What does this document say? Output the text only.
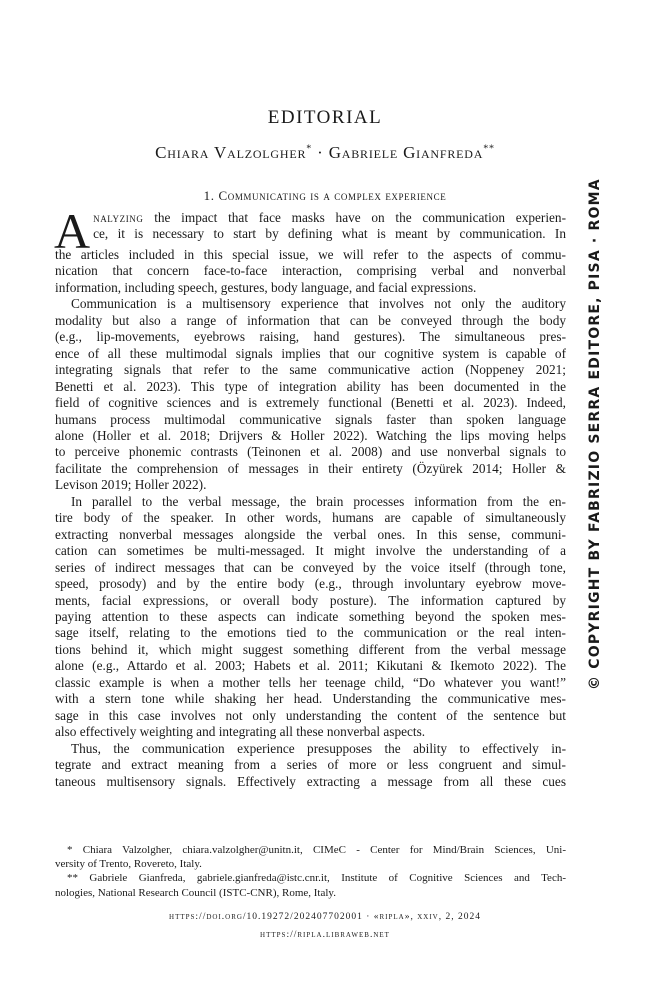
EDITORIAL
Chiara Valzolgher* · Gabriele Gianfreda**
1. Communicating is a complex experience
A nalyzing the impact that face masks have on the communication experien-
ce, it is necessary to start by defining what is meant by communication. In
the articles included in this special issue, we will refer to the aspects of commu-
nication that concern face-to-face interaction, comprising verbal and nonverbal
information, including speech, gestures, body language, and facial expressions.
Communication is a multisensory experience that involves not only the auditory
modality but also a range of information that can be conveyed through the body
(e.g., lip-movements, eyebrows raising, hand gestures). The simultaneous pres-
ence of all these multimodal signals implies that our cognitive system is capable of
integrating signals that refer to the same communicative action (Noppeney 2021;
Benetti et al. 2023). This type of integration ability has been documented in the
field of cognitive sciences and is extremely functional (Benetti et al. 2023). Indeed,
humans process multimodal communicative signals faster than spoken language
alone (Holler et al. 2018; Drijvers & Holler 2022). Watching the lips moving helps
to perceive phonemic contrasts (Teinonen et al. 2008) and use nonverbal signals to
facilitate the comprehension of messages in their entirety (Özyürek 2014; Holler &
Levison 2019; Holler 2022).
In parallel to the verbal message, the brain processes information from the en-
tire body of the speaker. In other words, humans are capable of simultaneously
extracting nonverbal messages alongside the verbal ones. In this sense, communi-
cation can sometimes be multi-messaged. It might involve the understanding of a
series of indirect messages that can be conveyed by the voice itself (through tone,
speed, prosody) and by the entire body (e.g., through involuntary eyebrow move-
ments, facial expressions, or overall body posture). The information captured by
paying attention to these aspects can indicate something beyond the spoken mes-
sage itself, relating to the emotions tied to the communication or the real inten-
tions behind it, which might suggest something different from the verbal message
alone (e.g., Attardo et al. 2003; Habets et al. 2011; Kikutani & Ikemoto 2022). The
classic example is when a mother tells her teenage child, “Do whatever you want!”
with a stern tone while shaking her head. Understanding the communicative mes-
sage in this case involves not only understanding the content of the sentence but
also effectively weighting and integrating all these nonverbal aspects.
Thus, the communication experience presupposes the ability to effectively in-
tegrate and extract meaning from a series of more or less congruent and simul-
taneous multisensory signals. Effectively extracting a message from all these cues
© COPYRIGHT BY FABRIZIO SERRA EDITORE, PISA · ROMA
* Chiara Valzolgher, chiara.valzolgher@unitn.it, CIMeC - Center for Mind/Brain Sciences, Uni-
versity of Trento, Rovereto, Italy.
** Gabriele Gianfreda, gabriele.gianfreda@istc.cnr.it, Institute of Cognitive Sciences and Tech-
nologies, National Research Council (ISTC-CNR), Rome, Italy.
https://doi.org/10.19272/202407702001 · «ripla», xxiv, 2, 2024
https://ripla.libraweb.net
